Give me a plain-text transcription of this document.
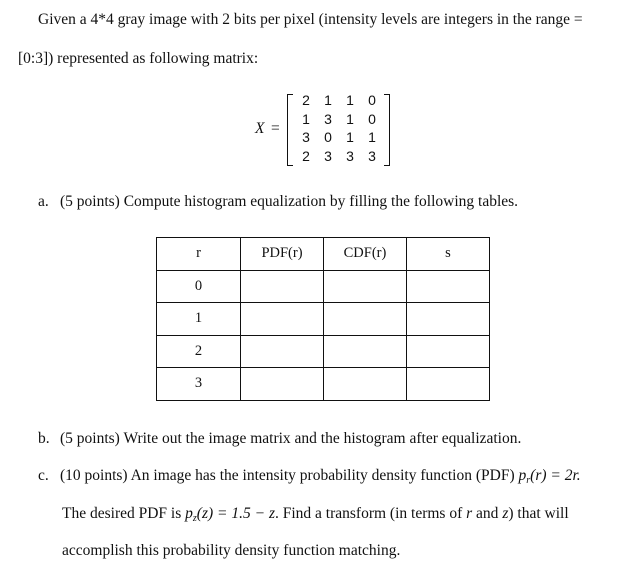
Given a 4*4 gray image with 2 bits per pixel (intensity levels are integers in the range =
[0:3]) represented as following matrix:
X =
2	1	1	0
1	3	1	0
3	0	1	1
2	3	3	3
a. (5 points) Compute histogram equalization by filling the following tables.
r	PDF(r)	CDF(r)	s
0			
1			
2			
3			
b. (5 points) Write out the image matrix and the histogram after equalization.
c. (10 points) An image has the intensity probability density function (PDF) $p_r(r) = 2r$.
The desired PDF is $p_z(z) = 1.5 - z$. Find a transform (in terms of r and z) that will
accomplish this probability density function matching.
